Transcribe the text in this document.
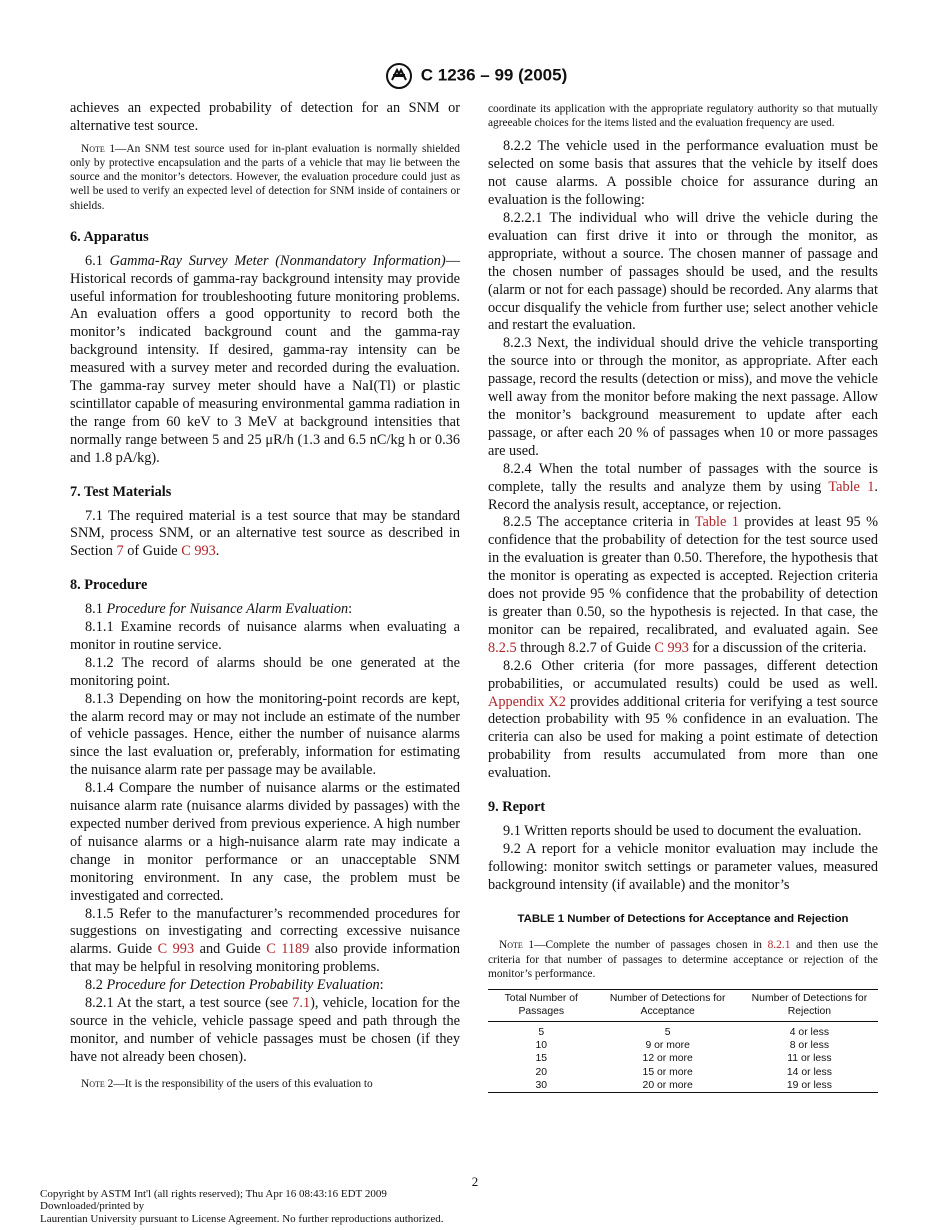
C 1236 – 99 (2005)

achieves an expected probability of detection for an SNM or alternative test source.

Note 1—An SNM test source used for in-plant evaluation is normally shielded only by protective encapsulation and the parts of a vehicle that may lie between the source and the monitor’s detectors. However, the evaluation procedure could just as well be used to verify an expected level of detection for SNM inside of containers or shields.

6. Apparatus

6.1 Gamma-Ray Survey Meter (Nonmandatory Information)—Historical records of gamma-ray background intensity may provide useful information for troubleshooting future monitoring problems. An evaluation offers a good opportunity to record both the monitor’s indicated background count and the gamma-ray background intensity. If desired, gamma-ray intensity can be measured with a survey meter and recorded during the evaluation. The gamma-ray survey meter should have a NaI(Tl) or plastic scintillator capable of measuring environmental gamma radiation in the range from 60 keV to 3 MeV at background intensities that normally range between 5 and 25 μR/h (1.3 and 6.5 nC/kg h or 0.36 and 1.8 pA/kg).

7. Test Materials

7.1 The required material is a test source that may be standard SNM, process SNM, or an alternative test source as described in Section 7 of Guide C 993.

8. Procedure

8.1 Procedure for Nuisance Alarm Evaluation:

8.1.1 Examine records of nuisance alarms when evaluating a monitor in routine service.

8.1.2 The record of alarms should be one generated at the monitoring point.

8.1.3 Depending on how the monitoring-point records are kept, the alarm record may or may not include an estimate of the number of vehicle passages. Hence, either the number of nuisance alarms since the last evaluation or, preferably, information for estimating the nuisance alarm rate per passage may be available.

8.1.4 Compare the number of nuisance alarms or the estimated nuisance alarm rate (nuisance alarms divided by passages) with the expected number derived from previous experience. A high number of nuisance alarms or a high-nuisance alarm rate may indicate a change in monitor performance or an unacceptable SNM monitoring environment. In any case, the problem must be investigated and corrected.

8.1.5 Refer to the manufacturer’s recommended procedures for suggestions on investigating and correcting excessive nuisance alarms. Guide C 993 and Guide C 1189 also provide information that may be helpful in resolving monitoring problems.

8.2 Procedure for Detection Probability Evaluation:

8.2.1 At the start, a test source (see 7.1), vehicle, location for the source in the vehicle, vehicle passage speed and path through the monitor, and number of vehicle passages must be chosen (if they have not already been chosen).

Note 2—It is the responsibility of the users of this evaluation to

coordinate its application with the appropriate regulatory authority so that mutually agreeable choices for the items listed and the evaluation frequency are used.

8.2.2 The vehicle used in the performance evaluation must be selected on some basis that assures that the vehicle by itself does not cause alarms. A possible choice for assurance during an evaluation is the following:

8.2.2.1 The individual who will drive the vehicle during the evaluation can first drive it into or through the monitor, as appropriate, without a source. The chosen manner of passage and the chosen number of passages should be used, and the results (alarm or not for each passage) should be recorded. Any alarms that occur disqualify the vehicle from further use; select another vehicle and restart the evaluation.

8.2.3 Next, the individual should drive the vehicle transporting the source into or through the monitor, as appropriate. After each passage, record the results (detection or miss), and move the vehicle well away from the monitor before making the next passage. Allow the monitor’s background measurement to update after each passage, or after each 20 % of passages when 10 or more passages are used.

8.2.4 When the total number of passages with the source is complete, tally the results and analyze them by using Table 1. Record the analysis result, acceptance, or rejection.

8.2.5 The acceptance criteria in Table 1 provides at least 95 % confidence that the probability of detection for the test source used in the evaluation is greater than 0.50. Therefore, the hypothesis that the monitor is operating as expected is accepted. Rejection criteria does not provide 95 % confidence that the probability of detection is greater than 0.50, so the hypothesis is rejected. In that case, the monitor can be repaired, recalibrated, and evaluated again. See 8.2.5 through 8.2.7 of Guide C 993 for a discussion of the criteria.

8.2.6 Other criteria (for more passages, different detection probabilities, or accumulated results) could be used as well. Appendix X2 provides additional criteria for verifying a test source detection probability with 95 % confidence in an evaluation. The criteria can also be used for making a point estimate of detection probability from results accumulated from more than one evaluation.

9. Report

9.1 Written reports should be used to document the evaluation.

9.2 A report for a vehicle monitor evaluation may include the following: monitor switch settings or parameter values, measured background intensity (if available) and the monitor’s

TABLE 1 Number of Detections for Acceptance and Rejection

Note 1—Complete the number of passages chosen in 8.2.1 and then use the criteria for that number of passages to determine acceptance or rejection of the monitor’s performance.

Total Number of Passages	Number of Detections for Acceptance	Number of Detections for Rejection
5	5	4 or less
10	9 or more	8 or less
15	12 or more	11 or less
20	15 or more	14 or less
30	20 or more	19 or less
2
Copyright by ASTM Int'l (all rights reserved); Thu Apr 16 08:43:16 EDT 2009
Downloaded/printed by
Laurentian University pursuant to License Agreement. No further reproductions authorized.
